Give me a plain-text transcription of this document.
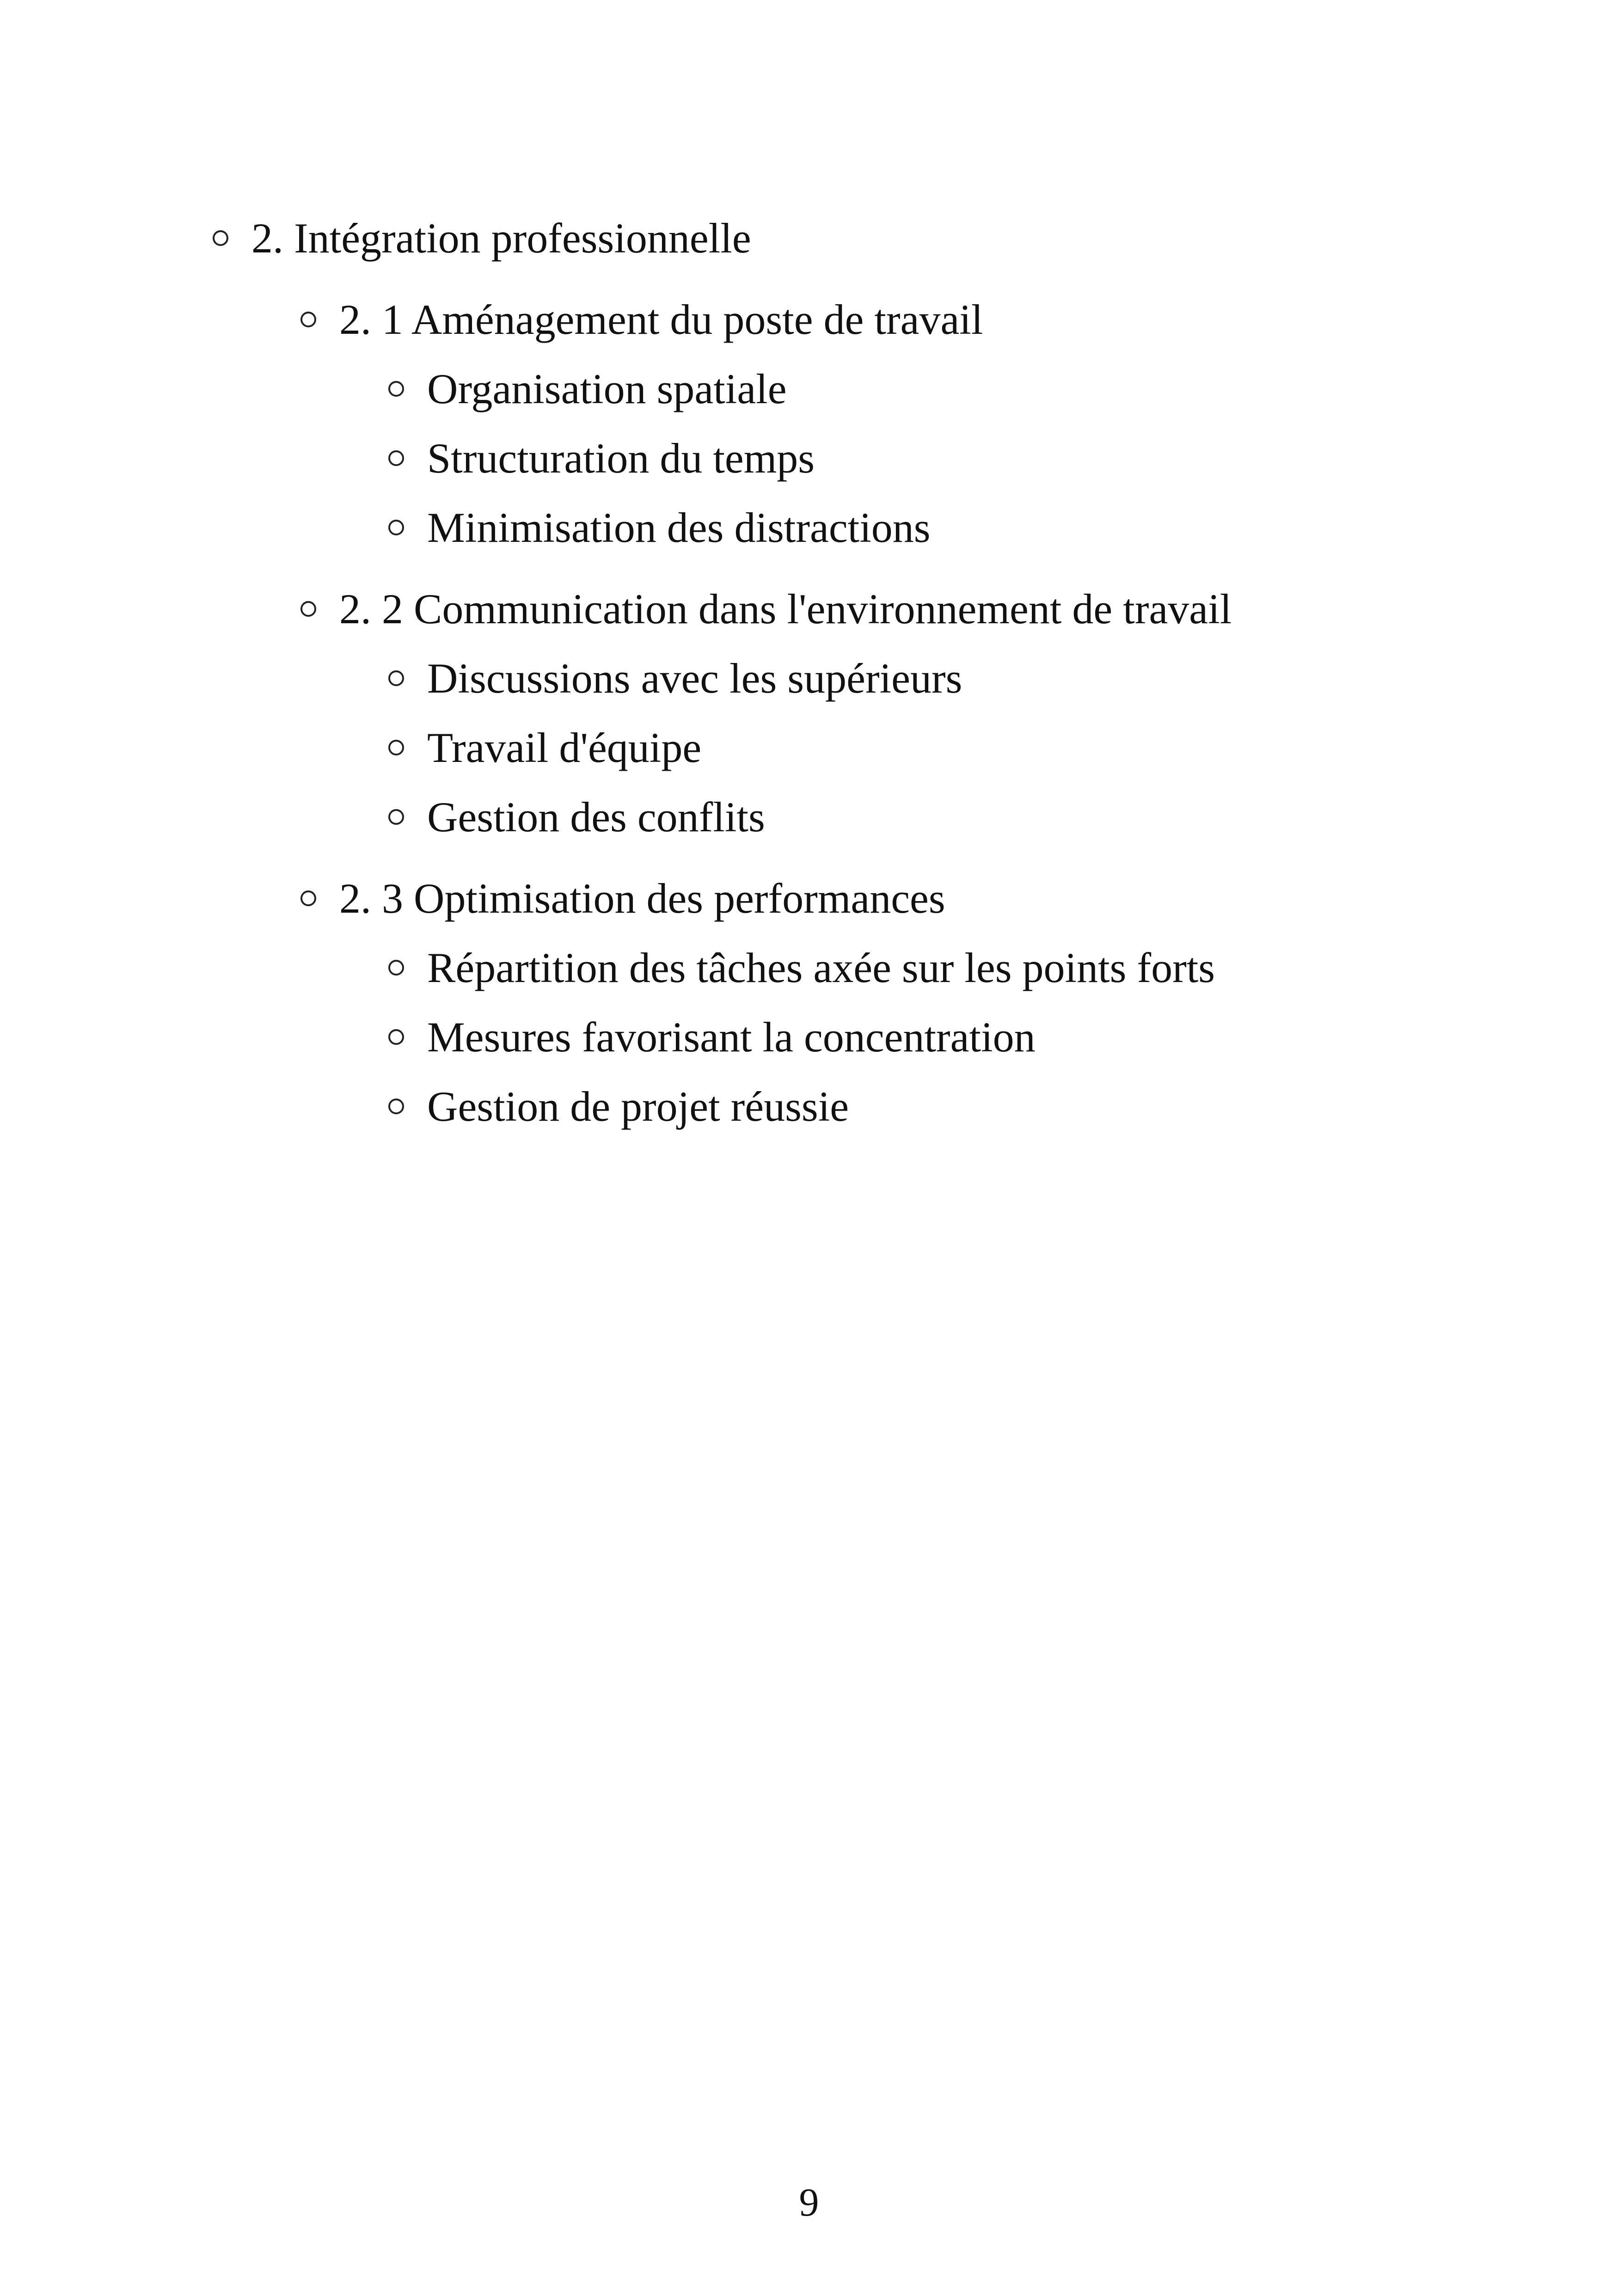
2. Intégration professionnelle
2. 1 Aménagement du poste de travail
Organisation spatiale
Structuration du temps
Minimisation des distractions
2. 2 Communication dans l'environnement de travail
Discussions avec les supérieurs
Travail d'équipe
Gestion des conflits
2. 3 Optimisation des performances
Répartition des tâches axée sur les points forts
Mesures favorisant la concentration
Gestion de projet réussie
9
